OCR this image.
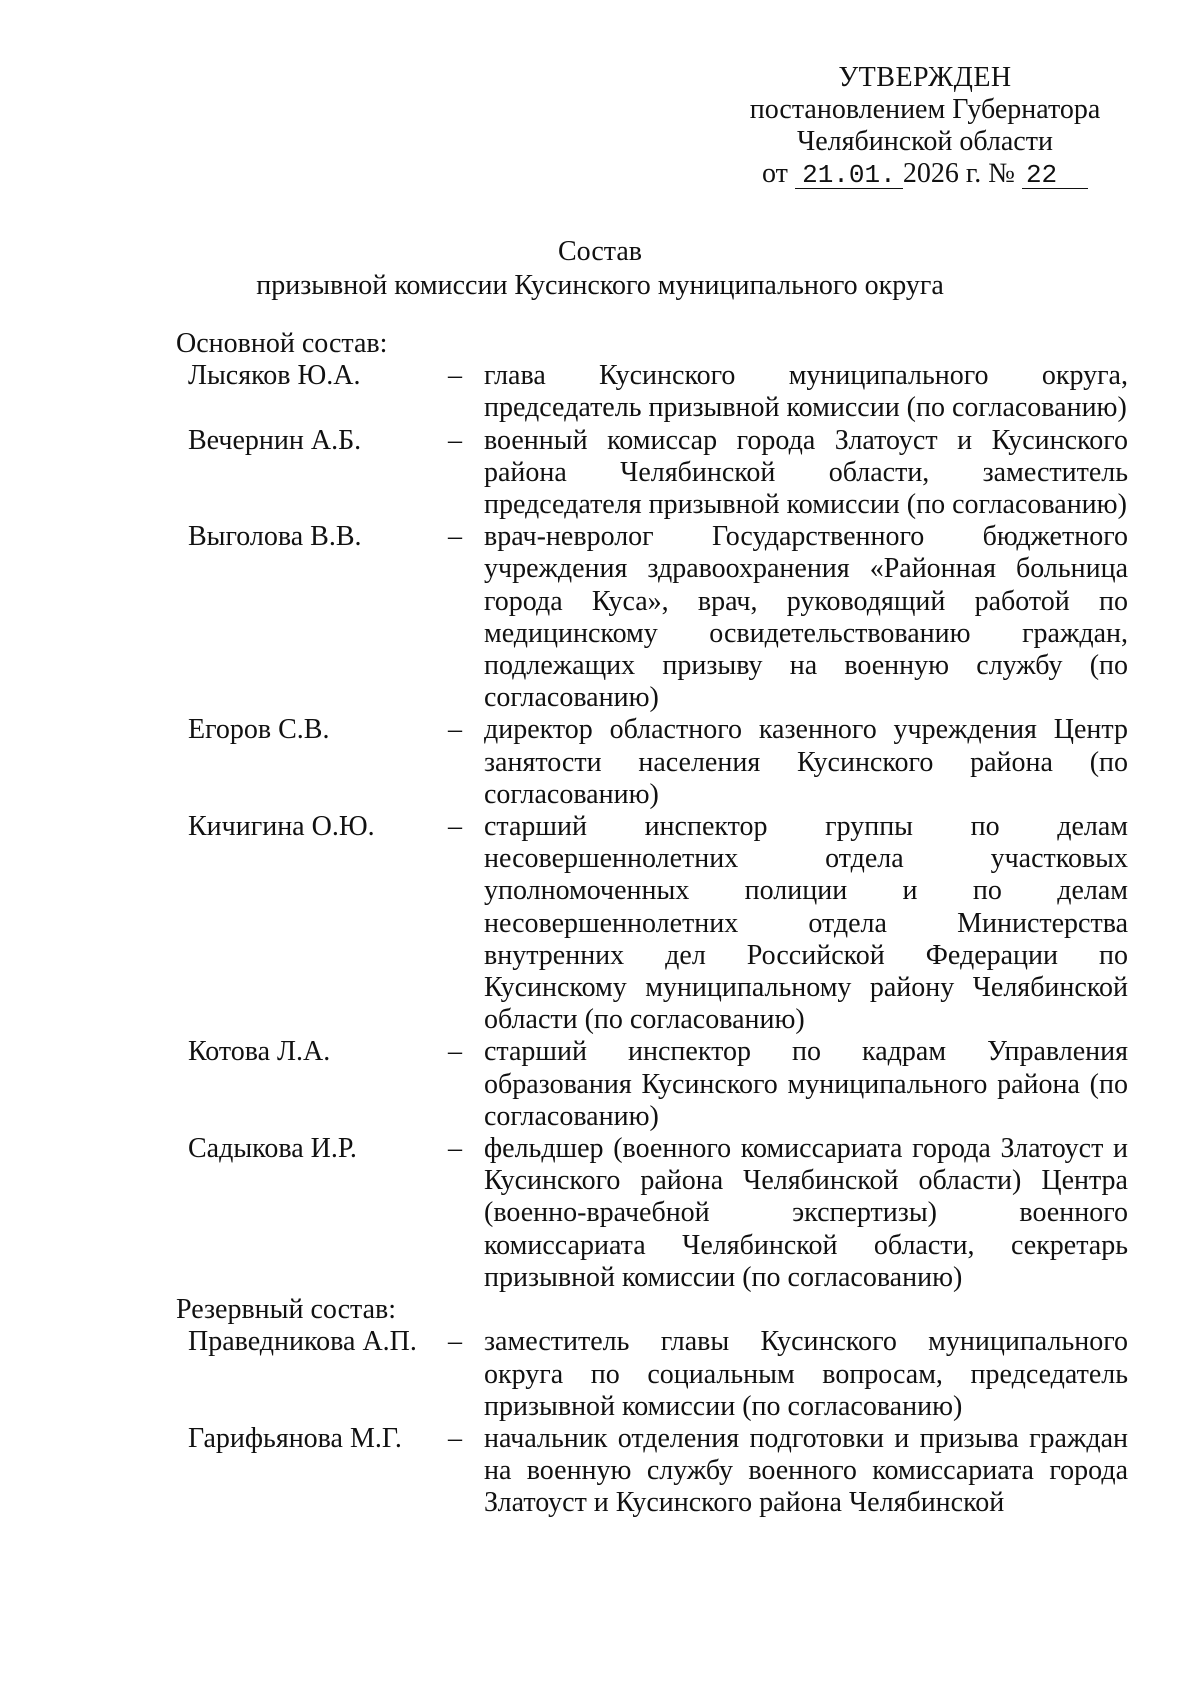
УТВЕРЖДЕН
постановлением Губернатора
Челябинской области
от 21.01. 2026 г. № 22
Состав
призывной комиссии Кусинского муниципального округа
Основной состав:
Лысяков Ю.А.	– глава Кусинского муниципального округа, председатель призывной комиссии (по согласованию)
Вечернин А.Б.	– военный комиссар города Златоуст и Кусинского района Челябинской области, заместитель председателя призывной комиссии (по согласованию)
Выголова В.В.	– врач-невролог Государственного бюджетного учреждения здравоохранения «Районная больница города Куса», врач, руководящий работой по медицинскому освидетельствованию граждан, подлежащих призыву на военную службу (по согласованию)
Егоров С.В.	– директор областного казенного учреждения Центр занятости населения Кусинского района (по согласованию)
Кичигина О.Ю.	– старший инспектор группы по делам несовершеннолетних отдела участковых уполномоченных полиции и по делам несовершеннолетних отдела Министерства внутренних дел Российской Федерации по Кусинскому муниципальному району Челябинской области (по согласованию)
Котова Л.А.	– старший инспектор по кадрам Управления образования Кусинского муниципального района (по согласованию)
Садыкова И.Р.	– фельдшер (военного комиссариата города Златоуст и Кусинского района Челябинской области) Центра (военно-врачебной экспертизы) военного комиссариата Челябинской области, секретарь призывной комиссии (по согласованию)
Резервный состав:
Праведникова А.П.	– заместитель главы Кусинского муниципального округа по социальным вопросам, председатель призывной комиссии (по согласованию)
Гарифьянова М.Г.	– начальник отделения подготовки и призыва граждан на военную службу военного комиссариата города Златоуст и Кусинского района Челябинской
